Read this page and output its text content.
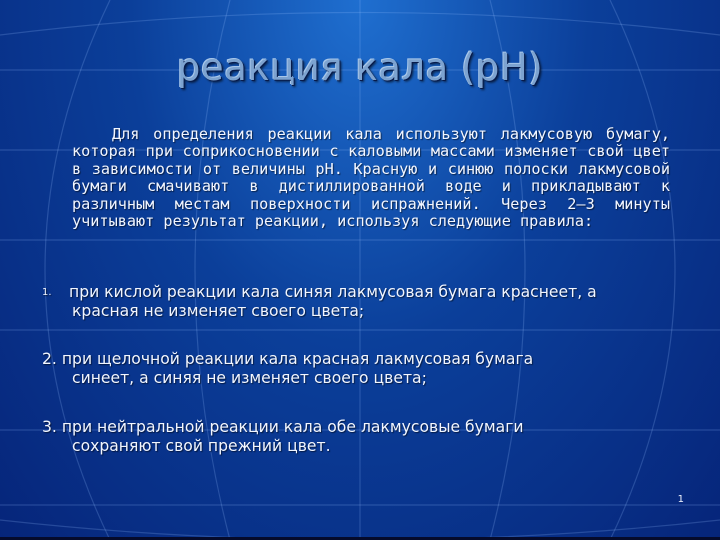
реакция кала (рН)
Для определения реакции кала используют лакмусовую бумагу, которая при соприкосновении с каловыми массами изменяет свой цвет в зависимости от величины рН. Красную и синюю полоски лакмусовой бумаги смачивают в дистиллированной воде и прикладывают к различным местам поверхности испражнений. Через 2–3 минуты учитывают результат реакции, используя следующие правила:
1. при кислой реакции кала синяя лакмусовая бумага краснеет, а
красная не изменяет своего цвета;
2. при щелочной реакции кала красная лакмусовая бумага
синеет, а синяя не изменяет своего цвета;
3. при нейтральной реакции кала обе лакмусовые бумаги
сохраняют свой прежний цвет.
1
